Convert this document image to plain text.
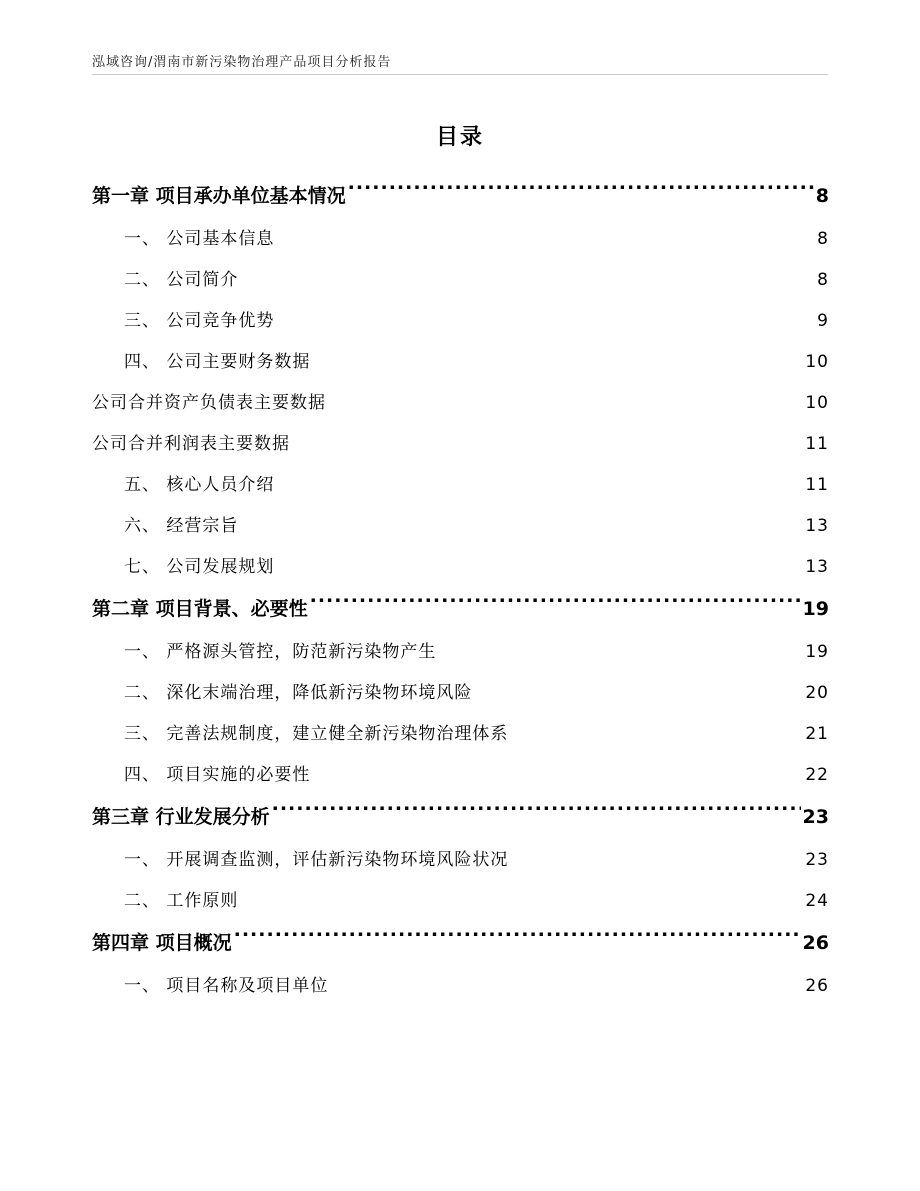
泓域咨询/渭南市新污染物治理产品项目分析报告
目录
第一章 项目承办单位基本情况 .....	8
一、 公司基本信息 .....	8
二、 公司简介 .....	8
三、 公司竞争优势 .....	9
四、 公司主要财务数据 .....	10
公司合并资产负债表主要数据 .....	10
公司合并利润表主要数据 .....	11
五、 核心人员介绍 .....	11
六、 经营宗旨 .....	13
七、 公司发展规划 .....	13
第二章 项目背景、必要性 .....	19
一、 严格源头管控，防范新污染物产生 .....	19
二、 深化末端治理，降低新污染物环境风险 .....	20
三、 完善法规制度，建立健全新污染物治理体系 .....	21
四、 项目实施的必要性 .....	22
第三章 行业发展分析 .....	23
一、 开展调查监测，评估新污染物环境风险状况 .....	23
二、 工作原则 .....	24
第四章 项目概况 .....	26
一、 项目名称及项目单位 .....	26
